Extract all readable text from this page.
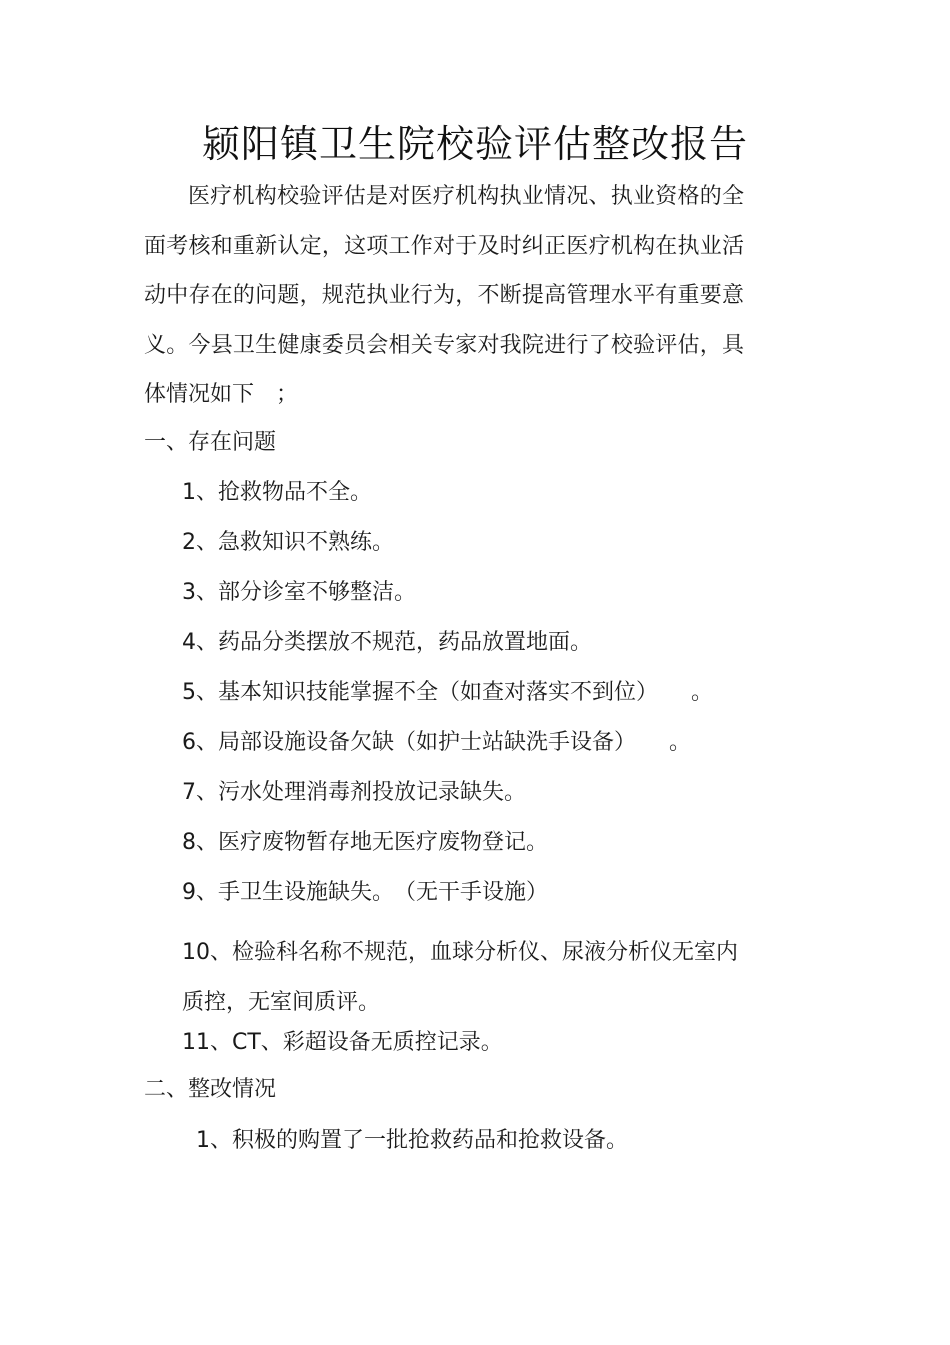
颍阳镇卫生院校验评估整改报告
医疗机构校验评估是对医疗机构执业情况、执业资格的全面考核和重新认定，这项工作对于及时纠正医疗机构在执业活动中存在的问题，规范执业行为，不断提高管理水平有重要意义。今县卫生健康委员会相关专家对我院进行了校验评估，具体情况如下　；
一、存在问题
1、抢救物品不全。
2、急救知识不熟练。
3、部分诊室不够整洁。
4、药品分类摆放不规范，药品放置地面。
5、基本知识技能掌握不全（如查对落实不到位）　　。
6、局部设施设备欠缺（如护士站缺洗手设备）　　。
7、污水处理消毒剂投放记录缺失。
8、医疗废物暂存地无医疗废物登记。
9、手卫生设施缺失。　（无干手设施）
10、检验科名称不规范，血球分析仪、尿液分析仪无室内质控，无室间质评。
11、CT、彩超设备无质控记录。
二、整改情况
1、积极的购置了一批抢救药品和抢救设备。
